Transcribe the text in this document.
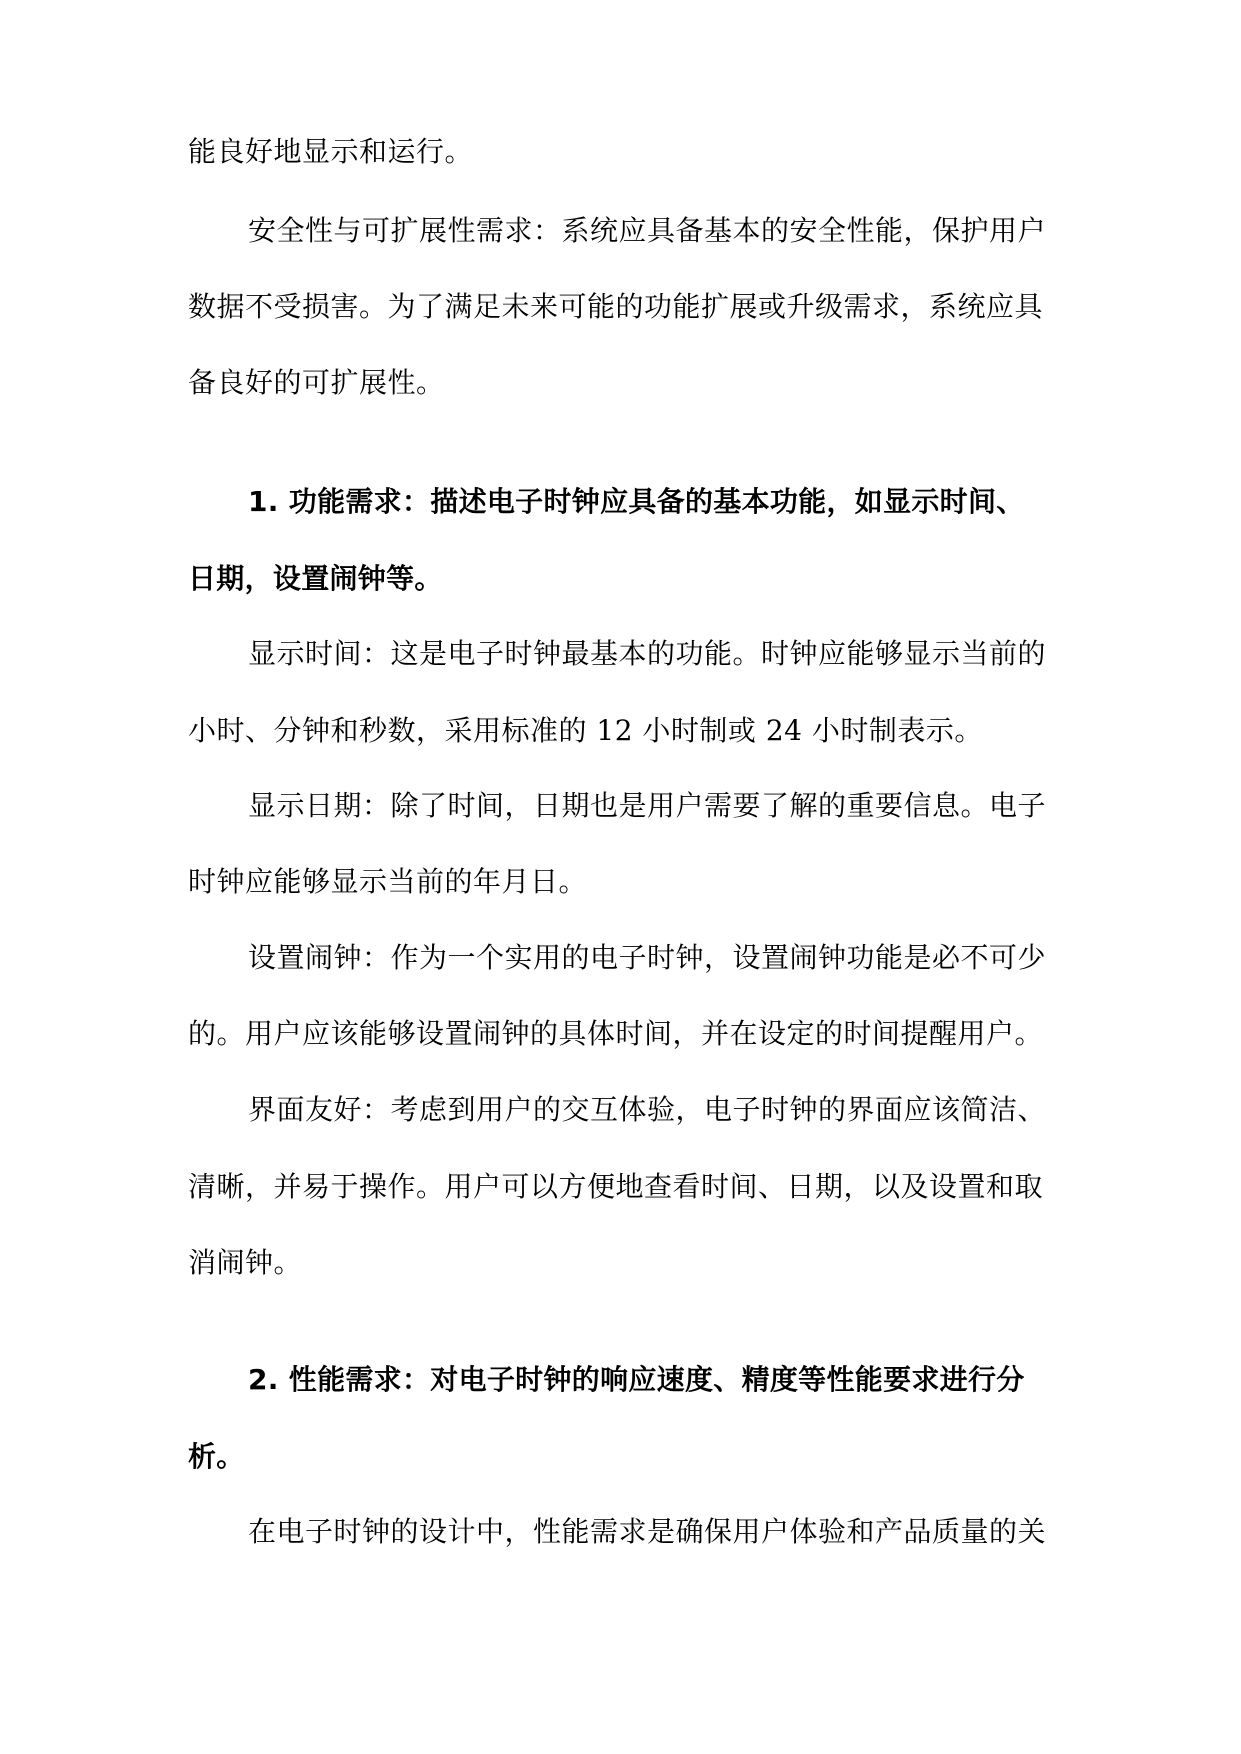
能良好地显示和运行。
安全性与可扩展性需求：系统应具备基本的安全性能，保护用户
数据不受损害。为了满足未来可能的功能扩展或升级需求，系统应具
备良好的可扩展性。
1. 功能需求：描述电子时钟应具备的基本功能，如显示时间、
日期，设置闹钟等。
显示时间：这是电子时钟最基本的功能。时钟应能够显示当前的
小时、分钟和秒数，采用标准的 12 小时制或 24 小时制表示。
显示日期：除了时间，日期也是用户需要了解的重要信息。电子
时钟应能够显示当前的年月日。
设置闹钟：作为一个实用的电子时钟，设置闹钟功能是必不可少
的。用户应该能够设置闹钟的具体时间，并在设定的时间提醒用户。
界面友好：考虑到用户的交互体验，电子时钟的界面应该简洁、
清晰，并易于操作。用户可以方便地查看时间、日期，以及设置和取
消闹钟。
2. 性能需求：对电子时钟的响应速度、精度等性能要求进行分
析。
在电子时钟的设计中，性能需求是确保用户体验和产品质量的关
